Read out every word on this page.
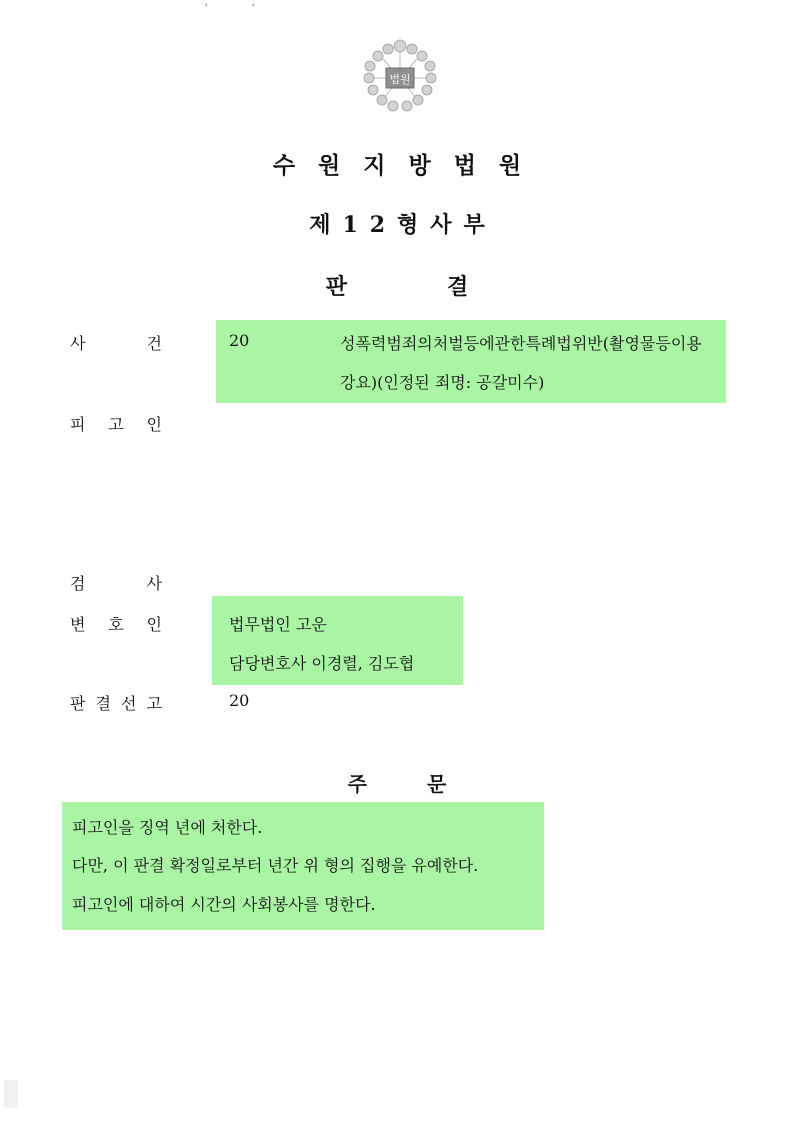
ʿ	ʾ
법원
수원지방법원
제12형사부
판결
사	건	20	성폭력범죄의처벌등에관한특례법위반(촬영물등이용
강요)(인정된 죄명: 공갈미수)
피 고 인
검	사
변 호 인	법무법인 고운
담당변호사 이경렬, 김도협
판 결 선 고	20
주문
피고인을 징역 년에 처한다.
다만, 이 판결 확정일로부터 년간 위 형의 집행을 유예한다.
피고인에 대하여 시간의 사회봉사를 명한다.
